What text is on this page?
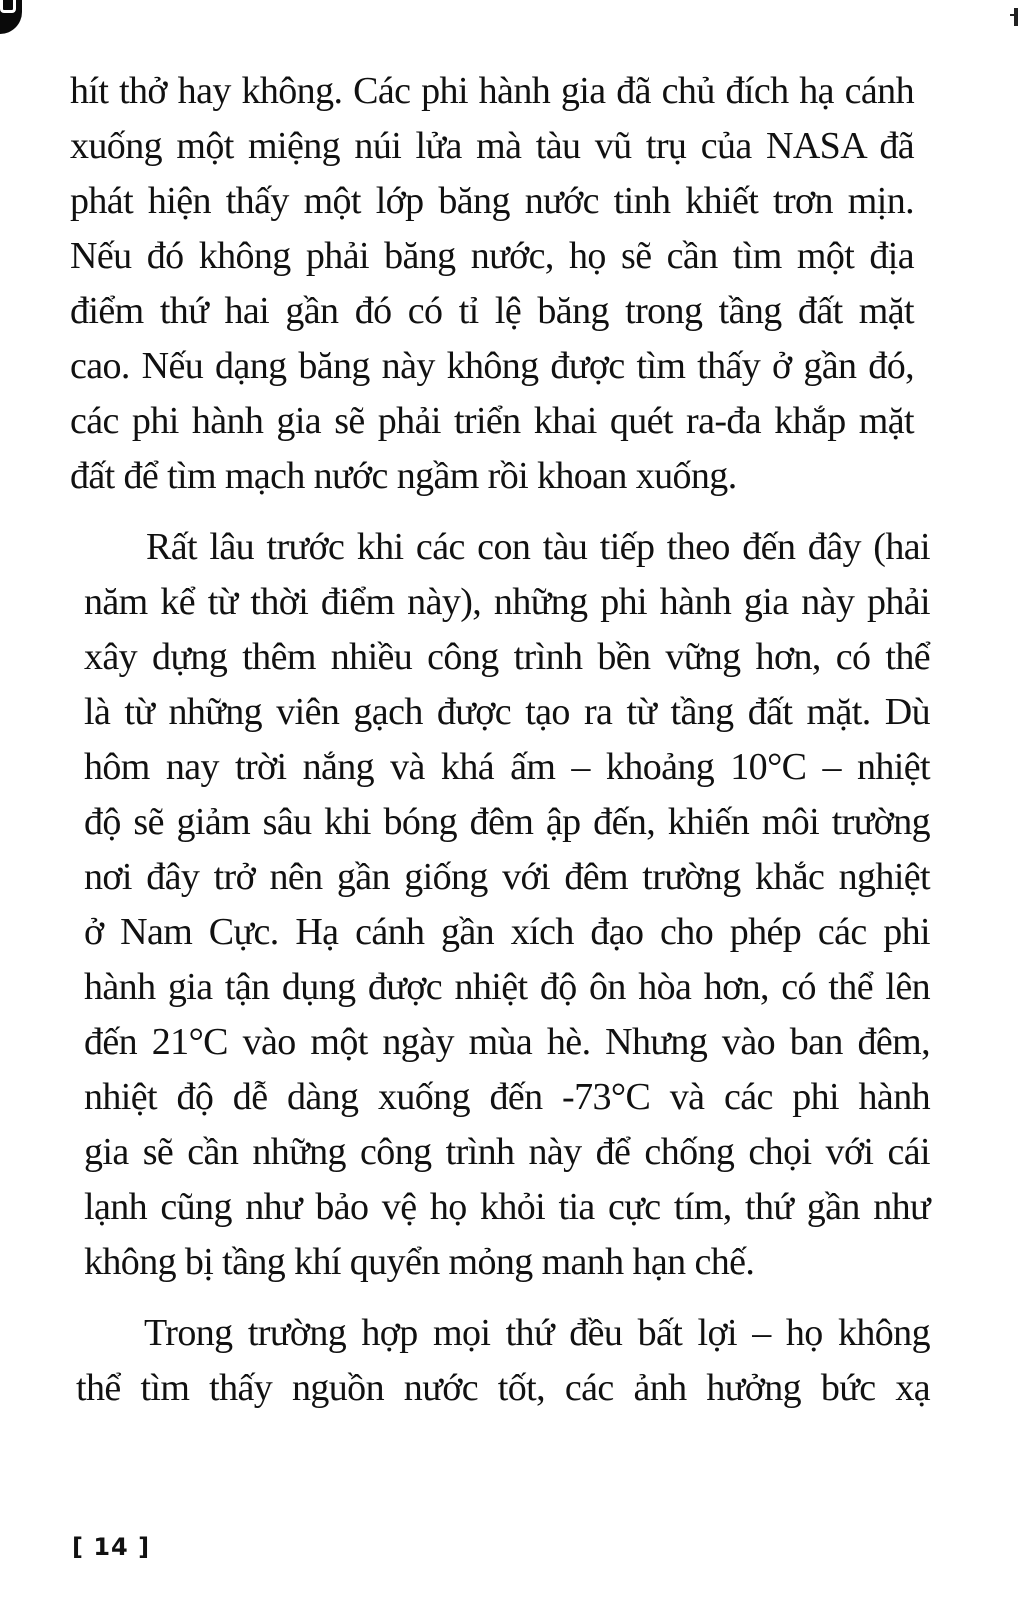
hít thở hay không. Các phi hành gia đã chủ đích hạ cánh
xuống một miệng núi lửa mà tàu vũ trụ của NASA đã
phát hiện thấy một lớp băng nước tinh khiết trơn mịn.
Nếu đó không phải băng nước, họ sẽ cần tìm một địa
điểm thứ hai gần đó có tỉ lệ băng trong tầng đất mặt
cao. Nếu dạng băng này không được tìm thấy ở gần đó,
các phi hành gia sẽ phải triển khai quét ra-đa khắp mặt
đất để tìm mạch nước ngầm rồi khoan xuống.

Rất lâu trước khi các con tàu tiếp theo đến đây (hai
năm kể từ thời điểm này), những phi hành gia này phải
xây dựng thêm nhiều công trình bền vững hơn, có thể
là từ những viên gạch được tạo ra từ tầng đất mặt. Dù
hôm nay trời nắng và khá ấm – khoảng 10°C – nhiệt
độ sẽ giảm sâu khi bóng đêm ập đến, khiến môi trường
nơi đây trở nên gần giống với đêm trường khắc nghiệt
ở Nam Cực. Hạ cánh gần xích đạo cho phép các phi
hành gia tận dụng được nhiệt độ ôn hòa hơn, có thể lên
đến 21°C vào một ngày mùa hè. Nhưng vào ban đêm,
nhiệt độ dễ dàng xuống đến -73°C và các phi hành
gia sẽ cần những công trình này để chống chọi với cái
lạnh cũng như bảo vệ họ khỏi tia cực tím, thứ gần như
không bị tầng khí quyển mỏng manh hạn chế.

Trong trường hợp mọi thứ đều bất lợi – họ không
thể tìm thấy nguồn nước tốt, các ảnh hưởng bức xạ

[ 14 ]
